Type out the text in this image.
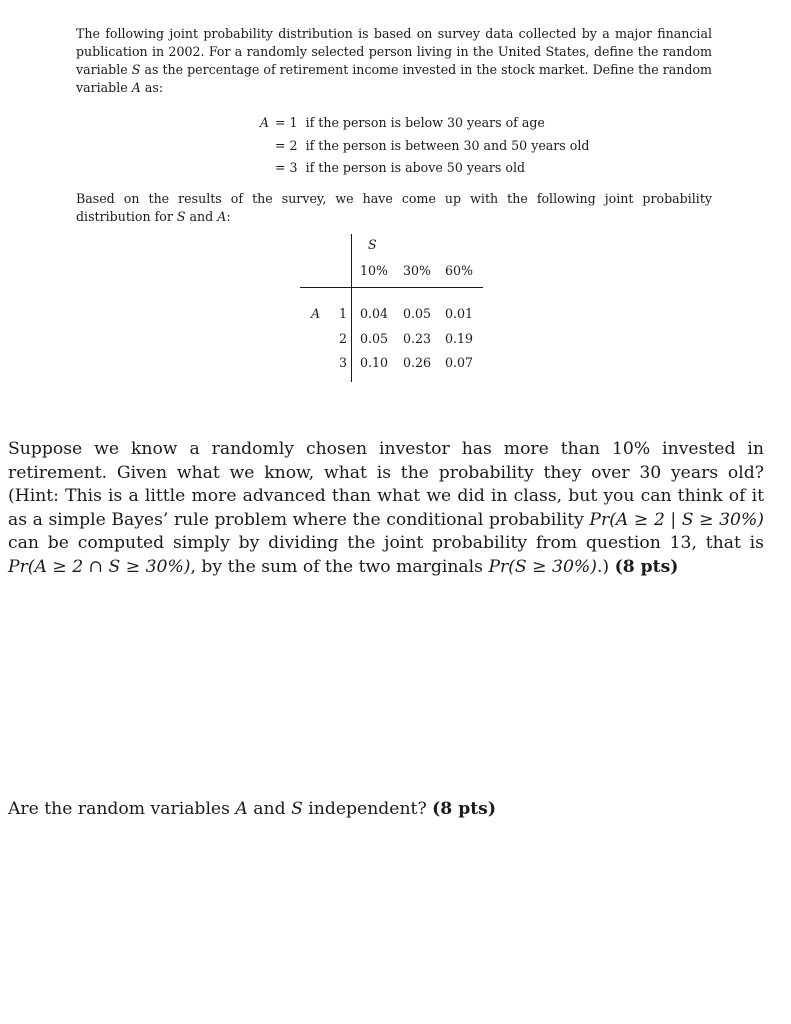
The following joint probability distribution is based on survey data collected by a major financial publication in 2002. For a randomly selected person living in the United States, define the random variable S as the percentage of retirement income invested in the stock market. Define the random variable A as:
A = 1 if the person is below 30 years of age
= 2 if the person is between 30 and 50 years old
= 3 if the person is above 50 years old
Based on the results of the survey, we have come up with the following joint probability distribution for S and A:
S
10% 30% 60%
A 1 0.04 0.05 0.01
2 0.05 0.23 0.19
3 0.10 0.26 0.07
Suppose we know a randomly chosen investor has more than 10% invested in retirement. Given what we know, what is the probability they over 30 years old? (Hint: This is a little more advanced than what we did in class, but you can think of it as a simple Bayes’ rule problem where the conditional probability Pr(A ≥ 2 | S ≥ 30%) can be computed simply by dividing the joint probability from question 13, that is Pr(A ≥ 2 ∩ S ≥ 30%), by the sum of the two marginals Pr(S ≥ 30%).) (8 pts)
Are the random variables A and S independent? (8 pts)
